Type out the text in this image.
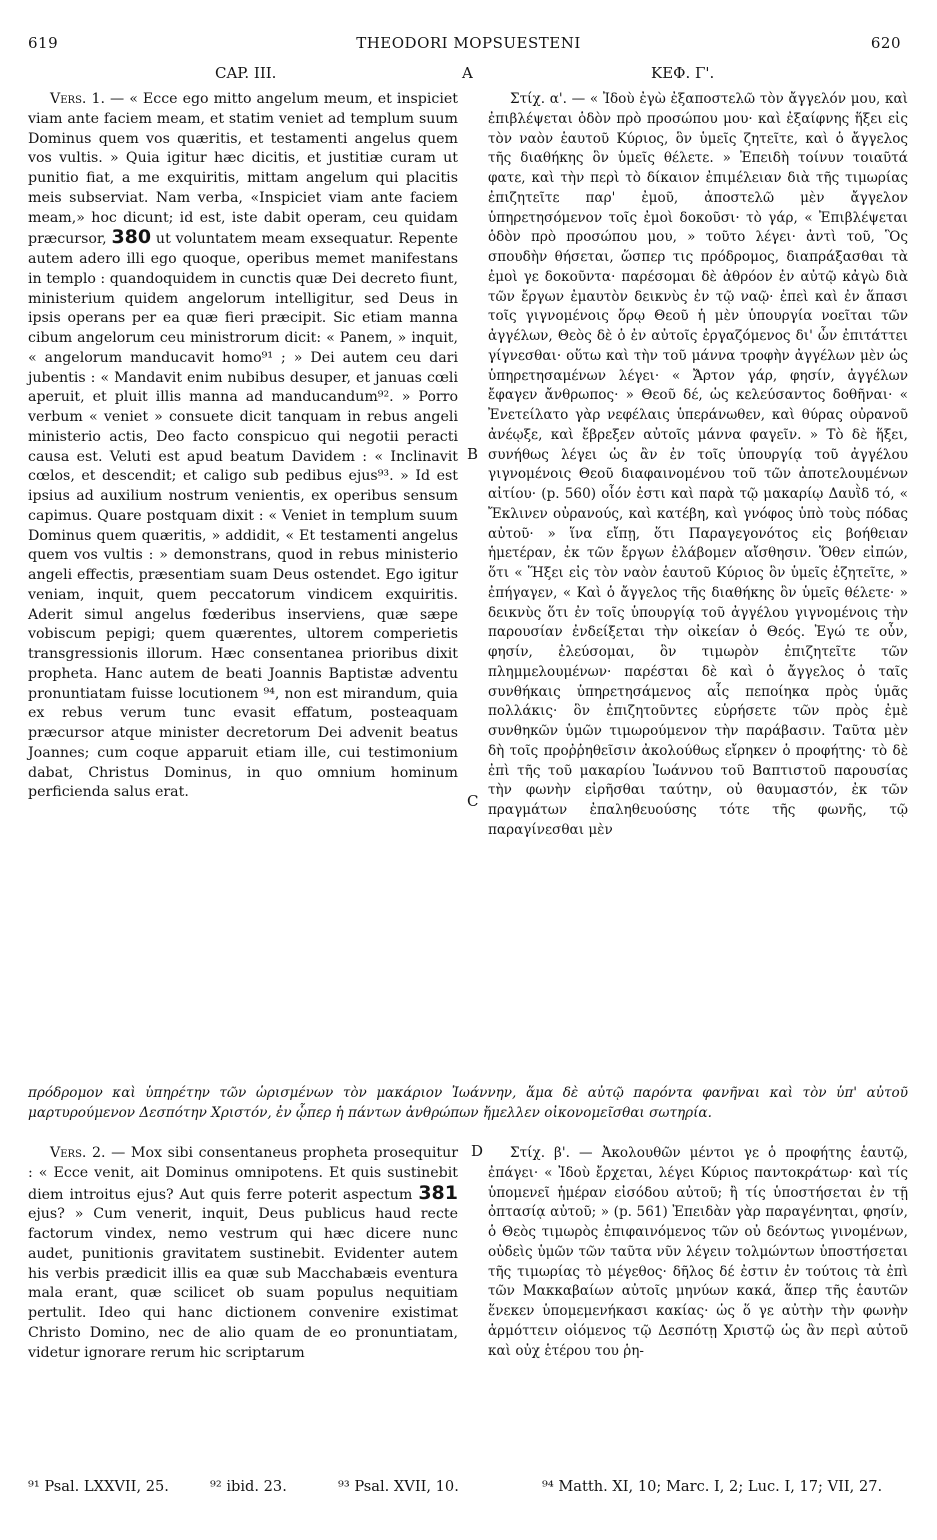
619	THEODORI MOPSUESTENI	620
CAP. III.	A	ΚΕΦ. Γ'.

Vers. 1. — « Ecce ego mitto angelum meum, et inspiciet viam ante faciem meam, et statim veniet ad templum suum Dominus quem vos quæritis, et testamenti angelus quem vos vultis. » Quia igitur hæc dicitis, et justitiæ curam ut punitio fiat, a me exquiritis, mittam angelum qui placitis meis subserviat. Nam verba, «Inspiciet viam ante faciem meam,» hoc dicunt; id est, iste dabit operam, ceu quidam præcursor, 380 ut voluntatem meam exsequatur. Repente autem adero illi ego quoque, operibus memet manifestans in templo : quandoquidem in cunctis quæ Dei decreto fiunt, ministerium quidem angelorum intelligitur, sed Deus in ipsis operans per ea quæ fieri præcipit. Sic etiam manna cibum angelorum ceu ministrorum dicit: « Panem, » inquit, « angelorum manducavit homo⁹¹ ; » Dei autem ceu dari jubentis : « Mandavit enim nubibus desuper, et januas cœli aperuit, et pluit illis manna ad manducandum⁹². » Porro verbum « veniet » consuete dicit tanquam in rebus angeli ministerio actis, Deo facto conspicuo qui negotii peracti causa est. Veluti est apud beatum Davidem : « Inclinavit cœlos, et descendit; et caligo sub pedibus ejus⁹³. » Id est ipsius ad auxilium nostrum venientis, ex operibus sensum capimus. Quare postquam dixit : « Veniet in templum suum Dominus quem quæritis, » addidit, « Et testamenti angelus quem vos vultis : » demonstrans, quod in rebus ministerio angeli effectis, præsentiam suam Deus ostendet. Ego igitur veniam, inquit, quem peccatorum vindicem exquiritis. Aderit simul angelus fœderibus inserviens, quæ sæpe vobiscum pepigi; quem quærentes, ultorem comperietis transgressionis illorum. Hæc consentanea prioribus dixit propheta. Hanc autem de beati Joannis Baptistæ adventu pronuntiatam fuisse locutionem ⁹⁴, non est mirandum, quia ex rebus verum tunc evasit effatum, posteaquam præcursor atque minister decretorum Dei advenit beatus Joannes; cum coque apparuit etiam ille, cui testimonium dabat, Christus Dominus, in quo omnium hominum perficienda salus erat.

Στίχ. α'. — « Ἰδοὺ ἐγὼ ἐξαποστελῶ τὸν ἄγγελόν μου, καὶ ἐπιβλέψεται ὁδὸν πρὸ προσώπου μου· καὶ ἐξαίφνης ἥξει εἰς τὸν ναὸν ἑαυτοῦ Κύριος, ὃν ὑμεῖς ζητεῖτε, καὶ ὁ ἄγγελος τῆς διαθήκης ὃν ὑμεῖς θέλετε. » Ἐπειδὴ τοίνυν τοιαῦτά φατε, καὶ τὴν περὶ τὸ δίκαιον ἐπιμέλειαν διὰ τῆς τιμωρίας ἐπιζητεῖτε παρ' ἐμοῦ, ἀποστελῶ μὲν ἄγγελον ὑπηρετησόμενον τοῖς ἐμοὶ δοκοῦσι· τὸ γάρ, « Ἐπιβλέψεται ὁδὸν πρὸ προσώπου μου, » τοῦτο λέγει· ἀντὶ τοῦ, Ὃς σπουδὴν θήσεται, ὥσπερ τις πρόδρομος, διαπράξασθαι τὰ ἐμοὶ γε δοκοῦντα· παρέσομαι δὲ ἀθρόον ἐν αὐτῷ κἀγὼ διὰ τῶν ἔργων ἐμαυτὸν δεικνὺς ἐν τῷ ναῷ· ἐπεὶ καὶ ἐν ἅπασι τοῖς γιγνομένοις ὅρῳ Θεοῦ ἡ μὲν ὑπουργία νοεῖται τῶν ἀγγέλων, Θεὸς δὲ ὁ ἐν αὐτοῖς ἐργαζόμενος δι' ὧν ἐπιτάττει γίγνεσθαι· οὕτω καὶ τὴν τοῦ μάννα τροφὴν ἀγγέλων μὲν ὡς ὑπηρετησαμένων λέγει· « Ἄρτον γάρ, φησίν, ἀγγέλων ἔφαγεν ἄνθρωπος· » Θεοῦ δέ, ὡς κελεύσαντος δοθῆναι· « Ἐνετείλατο γὰρ νεφέλαις ὑπεράνωθεν, καὶ θύρας οὐρανοῦ ἀνέῳξε, καὶ ἔβρεξεν αὐτοῖς μάννα φαγεῖν. » Τὸ δὲ ἥξει, συνήθως λέγει ὡς ἂν ἐν τοῖς ὑπουργίᾳ τοῦ ἀγγέλου γιγνομένοις Θεοῦ διαφαινομένου τοῦ τῶν ἀποτελουμένων αἰτίου· (p. 560) οἷόν ἐστι καὶ παρὰ τῷ μακαρίῳ Δαυῒδ τό, « Ἔκλινεν οὐρανούς, καὶ κατέβη, καὶ γνόφος ὑπὸ τοὺς πόδας αὐτοῦ· » ἵνα εἴπῃ, ὅτι Παραγεγονότος εἰς βοήθειαν ἡμετέραν, ἐκ τῶν ἔργων ἐλάβομεν αἴσθησιν. Ὅθεν εἰπών, ὅτι « Ἥξει εἰς τὸν ναὸν ἑαυτοῦ Κύριος ὃν ὑμεῖς ἐζητεῖτε, » ἐπήγαγεν, « Καὶ ὁ ἄγγελος τῆς διαθήκης ὃν ὑμεῖς θέλετε· » δεικνὺς ὅτι ἐν τοῖς ὑπουργίᾳ τοῦ ἀγγέλου γιγνομένοις τὴν παρουσίαν ἐνδείξεται τὴν οἰκείαν ὁ Θεός. Ἐγώ τε οὖν, φησίν, ἐλεύσομαι, ὃν τιμωρὸν ἐπιζητεῖτε τῶν πλημμελουμένων· παρέσται δὲ καὶ ὁ ἄγγελος ὁ ταῖς συνθήκαις ὑπηρετησάμενος αἷς πεποίηκα πρὸς ὑμᾶς πολλάκις· ὃν ἐπιζητοῦντες εὑρήσετε τῶν πρὸς ἐμὲ συνθηκῶν ὑμῶν τιμωρούμενον τὴν παράβασιν. Ταῦτα μὲν δὴ τοῖς προῤῥηθεῖσιν ἀκολούθως εἴρηκεν ὁ προφήτης· τὸ δὲ ἐπὶ τῆς τοῦ μακαρίου Ἰωάννου τοῦ Βαπτιστοῦ παρουσίας τὴν φωνὴν εἰρῆσθαι ταύτην, οὐ θαυμαστόν, ἐκ τῶν πραγμάτων ἐπαληθευούσης τότε τῆς φωνῆς, τῷ παραγίνεσθαι μὲν

B
C
D
πρόδρομον καὶ ὑπηρέτην τῶν ὡρισμένων τὸν μακάριον Ἰωάννην, ἅμα δὲ αὐτῷ παρόντα φανῆναι καὶ τὸν ὑπ' αὐτοῦ μαρτυρούμενον Δεσπότην Χριστόν, ἐν ᾧπερ ἡ πάντων ἀνθρώπων ἤμελλεν οἰκονομεῖσθαι σωτηρία.

Vers. 2. — Mox sibi consentaneus propheta prosequitur : « Ecce venit, ait Dominus omnipotens. Et quis sustinebit diem introitus ejus? Aut quis ferre poterit aspectum 381 ejus? » Cum venerit, inquit, Deus publicus haud recte factorum vindex, nemo vestrum qui hæc dicere nunc audet, punitionis gravitatem sustinebit. Evidenter autem his verbis prædicit illis ea quæ sub Macchabæis eventura mala erant, quæ scilicet ob suam populus nequitiam pertulit. Ideo qui hanc dictionem convenire existimat Christo Domino, nec de alio quam de eo pronuntiatam, videtur ignorare rerum hic scriptarum

Στίχ. β'. — Ἀκολουθῶν μέντοι γε ὁ προφήτης ἑαυτῷ, ἐπάγει· « Ἰδοὺ ἔρχεται, λέγει Κύριος παντοκράτωρ· καὶ τίς ὑπομενεῖ ἡμέραν εἰσόδου αὐτοῦ; ἢ τίς ὑποστήσεται ἐν τῇ ὀπτασίᾳ αὐτοῦ; » (p. 561) Ἐπειδὰν γὰρ παραγένηται, φησίν, ὁ Θεὸς τιμωρὸς ἐπιφαινόμενος τῶν οὐ δεόντως γινομένων, οὐδεὶς ὑμῶν τῶν ταῦτα νῦν λέγειν τολμώντων ὑποστήσεται τῆς τιμωρίας τὸ μέγεθος· δῆλος δέ ἐστιν ἐν τούτοις τὰ ἐπὶ τῶν Μακκαβαίων αὐτοῖς μηνύων κακά, ἅπερ τῆς ἑαυτῶν ἕνεκεν ὑπομεμενήκασι κακίας· ὡς ὅ γε αὐτὴν τὴν φωνὴν ἁρμόττειν οἰόμενος τῷ Δεσπότῃ Χριστῷ ὡς ἂν περὶ αὐτοῦ καὶ οὐχ ἑτέρου του ῥη-

⁹¹ Psal. LXXVII, 25.	⁹² ibid. 23.	⁹³ Psal. XVII, 10.	⁹⁴ Matth. XI, 10; Marc. I, 2; Luc. I, 17; VII, 27.
